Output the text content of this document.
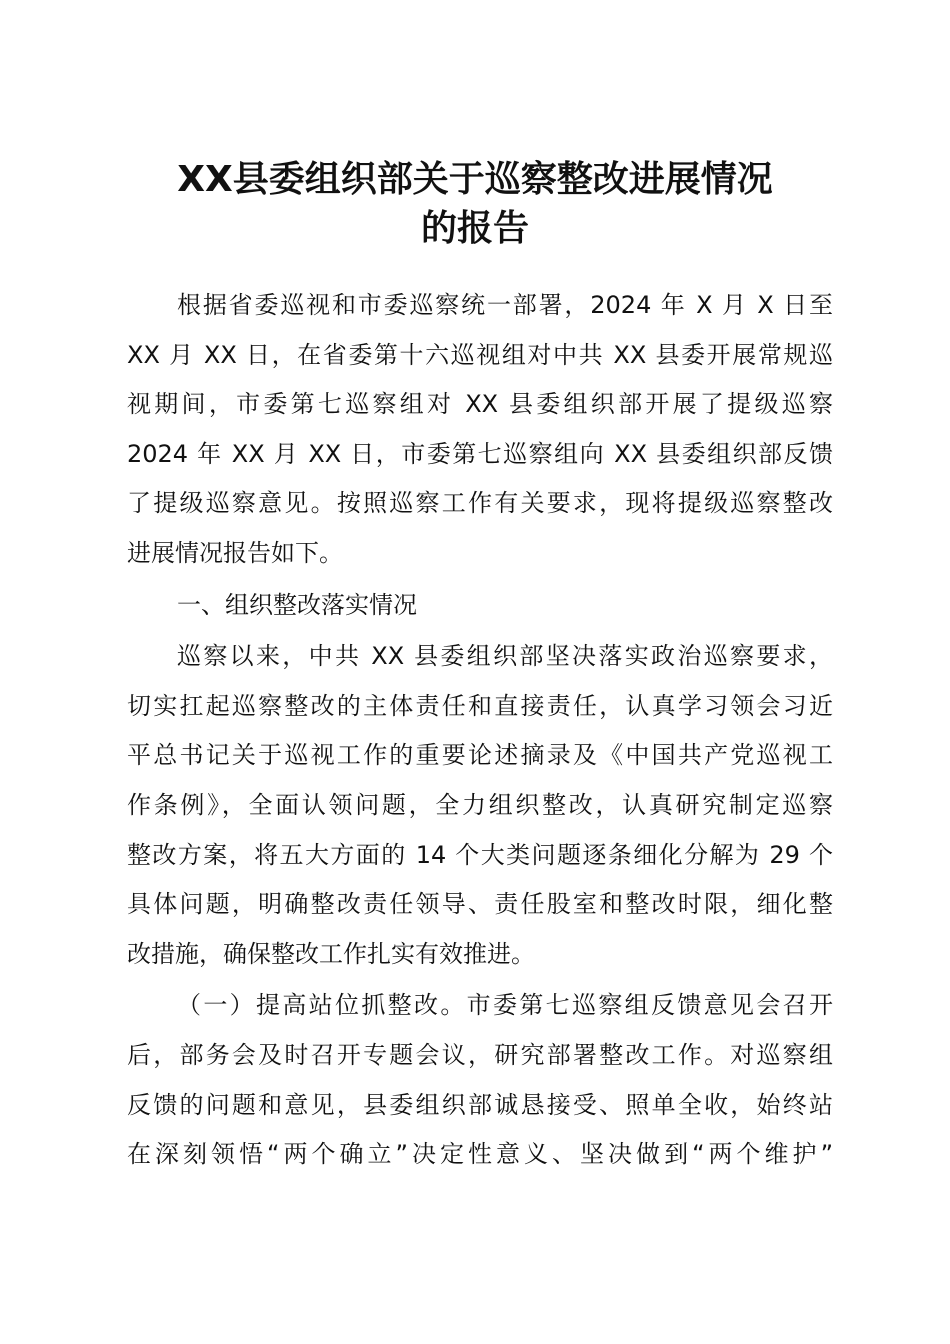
XX县委组织部关于巡察整改进展情况
的报告
根据省委巡视和市委巡察统一部署，2024 年 X 月 X 日至
XX 月 XX 日，在省委第十六巡视组对中共 XX 县委开展常规巡
视期间，市委第七巡察组对 XX 县委组织部开展了提级巡察
2024 年 XX 月 XX 日，市委第七巡察组向 XX 县委组织部反馈
了提级巡察意见。按照巡察工作有关要求，现将提级巡察整改
进展情况报告如下。
一、组织整改落实情况
巡察以来，中共 XX 县委组织部坚决落实政治巡察要求，
切实扛起巡察整改的主体责任和直接责任，认真学习领会习近
平总书记关于巡视工作的重要论述摘录及《中国共产党巡视工
作条例》，全面认领问题，全力组织整改，认真研究制定巡察
整改方案，将五大方面的 14 个大类问题逐条细化分解为 29 个
具体问题，明确整改责任领导、责任股室和整改时限，细化整
改措施，确保整改工作扎实有效推进。
（一）提高站位抓整改。市委第七巡察组反馈意见会召开
后，部务会及时召开专题会议，研究部署整改工作。对巡察组
反馈的问题和意见，县委组织部诚恳接受、照单全收，始终站
在深刻领悟“两个确立”决定性意义、坚决做到“两个维护”
